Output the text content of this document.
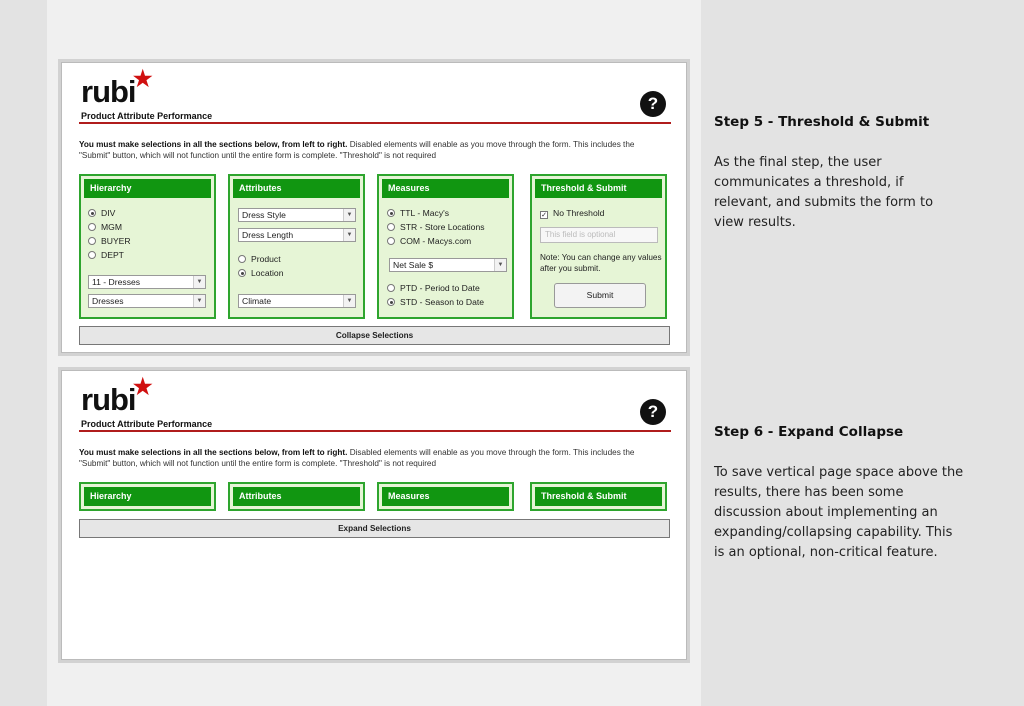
rubi
★
Product Attribute Performance
?
You must make selections in all the sections below, from left to right. Disabled elements will enable as you move through the form. This includes the "Submit" button, which will not function until the entire form is complete. "Threshold" is not required
Hierarchy
DIV
MGM
BUYER
DEPT
11 - Dresses	▼
Dresses	▼
Attributes
Dress Style	▼
Dress Length	▼
Product
Location
Climate	▼
Measures
TTL - Macy's
STR - Store Locations
COM - Macys.com
Net Sale $	▼
PTD - Period to Date
STD - Season to Date
Threshold & Submit
✓ No Threshold
This field is optional
Note: You can change any values after you submit.
Submit
Collapse Selections
rubi
★
Product Attribute Performance
?
You must make selections in all the sections below, from left to right. Disabled elements will enable as you move through the form. This includes the "Submit" button, which will not function until the entire form is complete. "Threshold" is not required
Hierarchy	Attributes	Measures	Threshold & Submit
Expand Selections
Step 5 - Threshold & Submit
As the final step, the user communicates a threshold, if relevant, and submits the form to view results.
Step 6 - Expand Collapse
To save vertical page space above the results, there has been some discussion about implementing an expanding/collapsing capability. This is an optional, non-critical feature.
